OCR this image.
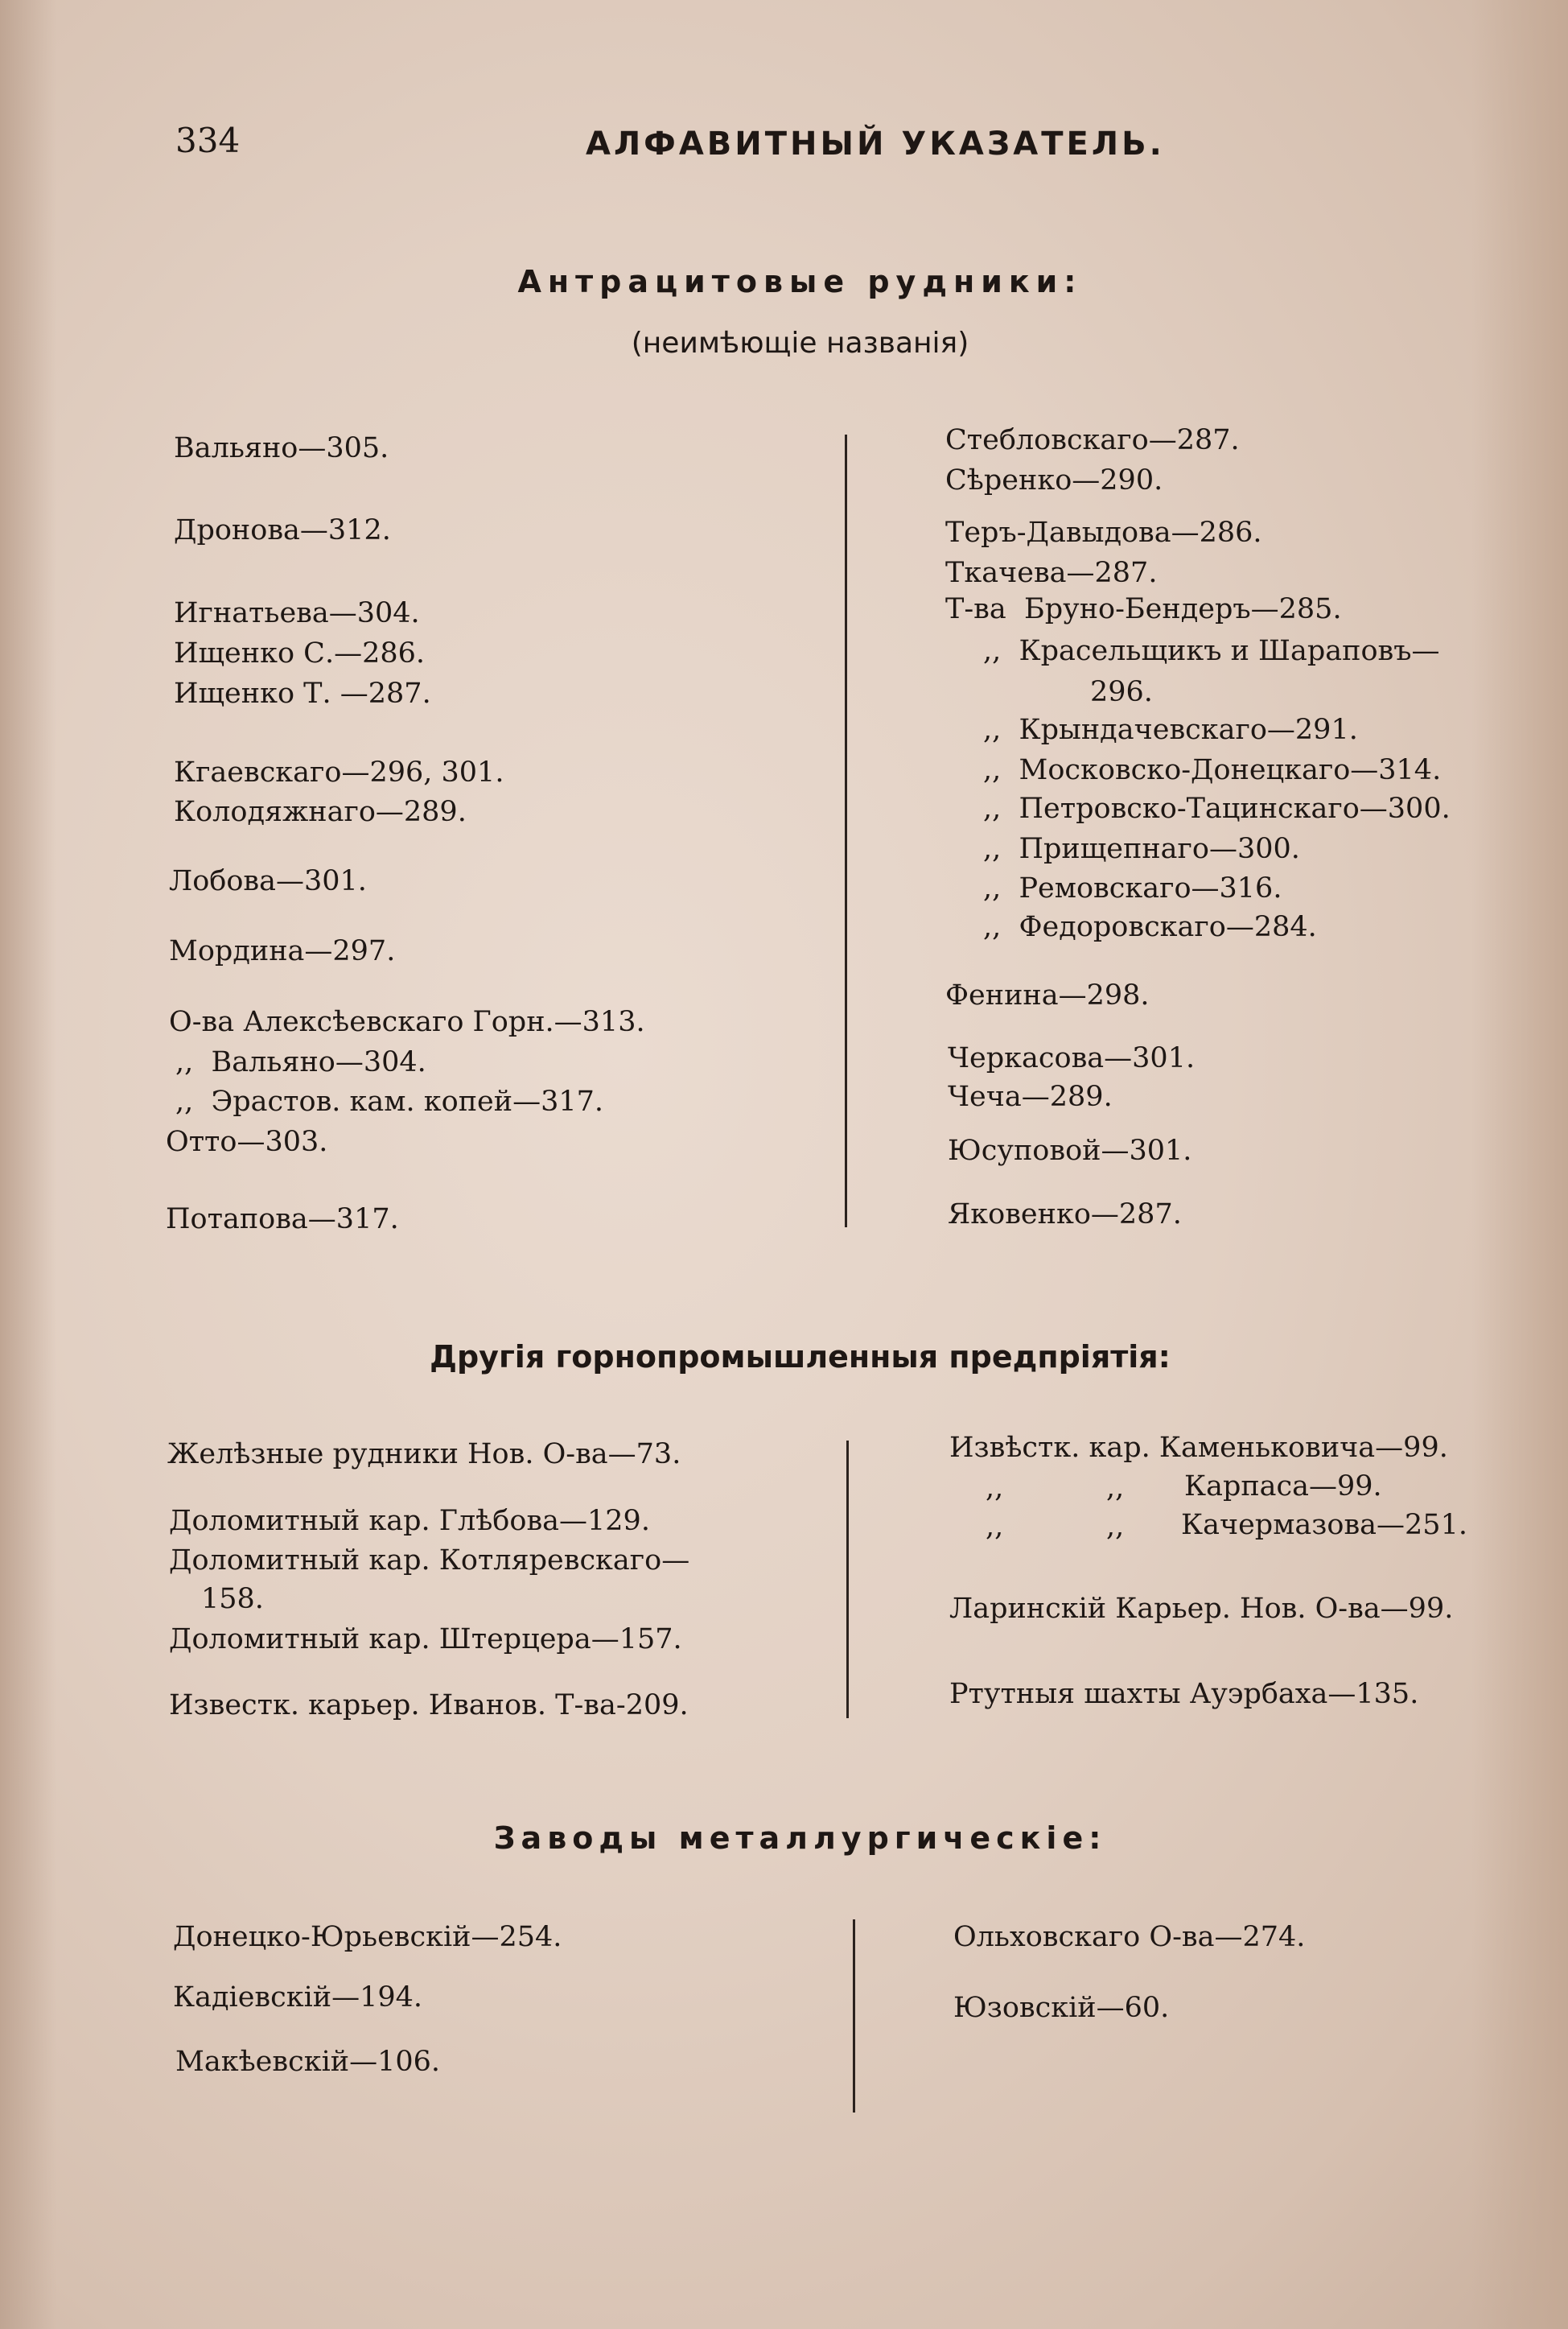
334	АЛФАВИТНЫЙ УКАЗАТЕЛЬ.
Антрацитовые рудники:
(неимѣющіе названія)
Вальяно—305.
Дронова—312.
Игнатьева—304.
Ищенко С.—286.
Ищенко Т. —287.
Кгаевскаго—296, 301.
Колодяжнаго—289.
Лобова—301.
Мордина—297.
О-ва Алексѣевскаго Горн.—313.
,,  Вальяно—304.
,,  Эрастов. кам. копей—317.
Отто—303.
Потапова—317.
Стебловскаго—287.
Сѣренко—290.
Теръ-Давыдова—286.
Ткачева—287.
Т-ва  Бруно-Бендеръ—285.
,,  Красельщикъ и Шараповъ—
296.
,,  Крындачевскаго—291.
,,  Московско-Донецкаго—314.
,,  Петровско-Тацинскаго—300.
,,  Прищепнаго—300.
,,  Ремовскаго—316.
,,  Федоровскаго—284.
Фенина—298.
Черкасова—301.
Чеча—289.
Юсуповой—301.
Яковенко—287.
Другія горнопромышленныя предпріятія:
Желѣзные рудники Нов. О-ва—73.
Доломитный кар. Глѣбова—129.
Доломитный кар. Котляревскаго—
158.
Доломитный кар. Штерцера—157.
Известк. карьер. Иванов. Т-ва-209.
Извѣстк. кар. Каменьковича—99.
,,	,, Карпаса—99.
,,	,, Качермазова—251.
Ларинскій Карьер. Нов. О-ва—99.
Ртутныя шахты Ауэрбаха—135.
Заводы металлургическіе:
Донецко-Юрьевскій—254.
Кадіевскій—194.
Макѣевскій—106.
Ольховскаго О-ва—274.
Юзовскій—60.
